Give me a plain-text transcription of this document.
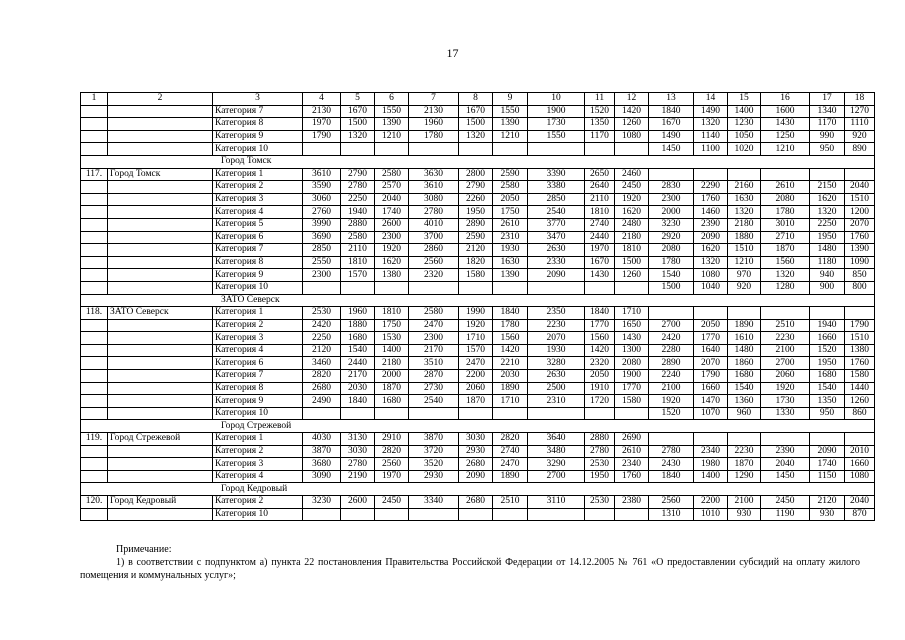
17
1	2	3	4	5	6	7	8	9	10	11	12	13	14	15	16	17	18
		Категория 7	2130	1670	1550	2130	1670	1550	1900	1520	1420	1840	1490	1400	1600	1340	1270
		Категория 8	1970	1500	1390	1960	1500	1390	1730	1350	1260	1670	1320	1230	1430	1170	1110
		Категория 9	1790	1320	1210	1780	1320	1210	1550	1170	1080	1490	1140	1050	1250	990	920
		Категория 10										1450	1100	1020	1210	950	890
Город Томск																	
117.	Город Томск	Категория 1	3610	2790	2580	3630	2800	2590	3390	2650	2460						
		Категория 2	3590	2780	2570	3610	2790	2580	3380	2640	2450	2830	2290	2160	2610	2150	2040
		Категория 3	3060	2250	2040	3080	2260	2050	2850	2110	1920	2300	1760	1630	2080	1620	1510
		Категория 4	2760	1940	1740	2780	1950	1750	2540	1810	1620	2000	1460	1320	1780	1320	1200
		Категория 5	3990	2880	2600	4010	2890	2610	3770	2740	2480	3230	2390	2180	3010	2250	2070
		Категория 6	3690	2580	2300	3700	2590	2310	3470	2440	2180	2920	2090	1880	2710	1950	1760
		Категория 7	2850	2110	1920	2860	2120	1930	2630	1970	1810	2080	1620	1510	1870	1480	1390
		Категория 8	2550	1810	1620	2560	1820	1630	2330	1670	1500	1780	1320	1210	1560	1180	1090
		Категория 9	2300	1570	1380	2320	1580	1390	2090	1430	1260	1540	1080	970	1320	940	850
		Категория 10										1500	1040	920	1280	900	800
ЗАТО Северск																	
118.	ЗАТО Северск	Категория 1	2530	1960	1810	2580	1990	1840	2350	1840	1710						
		Категория 2	2420	1880	1750	2470	1920	1780	2230	1770	1650	2700	2050	1890	2510	1940	1790
		Категория 3	2250	1680	1530	2300	1710	1560	2070	1560	1430	2420	1770	1610	2230	1660	1510
		Категория 4	2120	1540	1400	2170	1570	1420	1930	1420	1300	2280	1640	1480	2100	1520	1380
		Категория 6	3460	2440	2180	3510	2470	2210	3280	2320	2080	2890	2070	1860	2700	1950	1760
		Категория 7	2820	2170	2000	2870	2200	2030	2630	2050	1900	2240	1790	1680	2060	1680	1580
		Категория 8	2680	2030	1870	2730	2060	1890	2500	1910	1770	2100	1660	1540	1920	1540	1440
		Категория 9	2490	1840	1680	2540	1870	1710	2310	1720	1580	1920	1470	1360	1730	1350	1260
		Категория 10										1520	1070	960	1330	950	860
Город Стрежевой																	
119.	Город Стрежевой	Категория 1	4030	3130	2910	3870	3030	2820	3640	2880	2690						
		Категория 2	3870	3030	2820	3720	2930	2740	3480	2780	2610	2780	2340	2230	2390	2090	2010
		Категория 3	3680	2780	2560	3520	2680	2470	3290	2530	2340	2430	1980	1870	2040	1740	1660
		Категория 4	3090	2190	1970	2930	2090	1890	2700	1950	1760	1840	1400	1290	1450	1150	1080
Город Кедровый																	
120.	Город Кедровый	Категория 2	3230	2600	2450	3340	2680	2510	3110	2530	2380	2560	2200	2100	2450	2120	2040
		Категория 10										1310	1010	930	1190	930	870

Примечание:

1) в соответствии с подпунктом а) пункта 22 постановления Правительства Российской Федерации от 14.12.2005 № 761 «О предоставлении субсидий на оплату жилого помещения и коммунальных услуг»;
